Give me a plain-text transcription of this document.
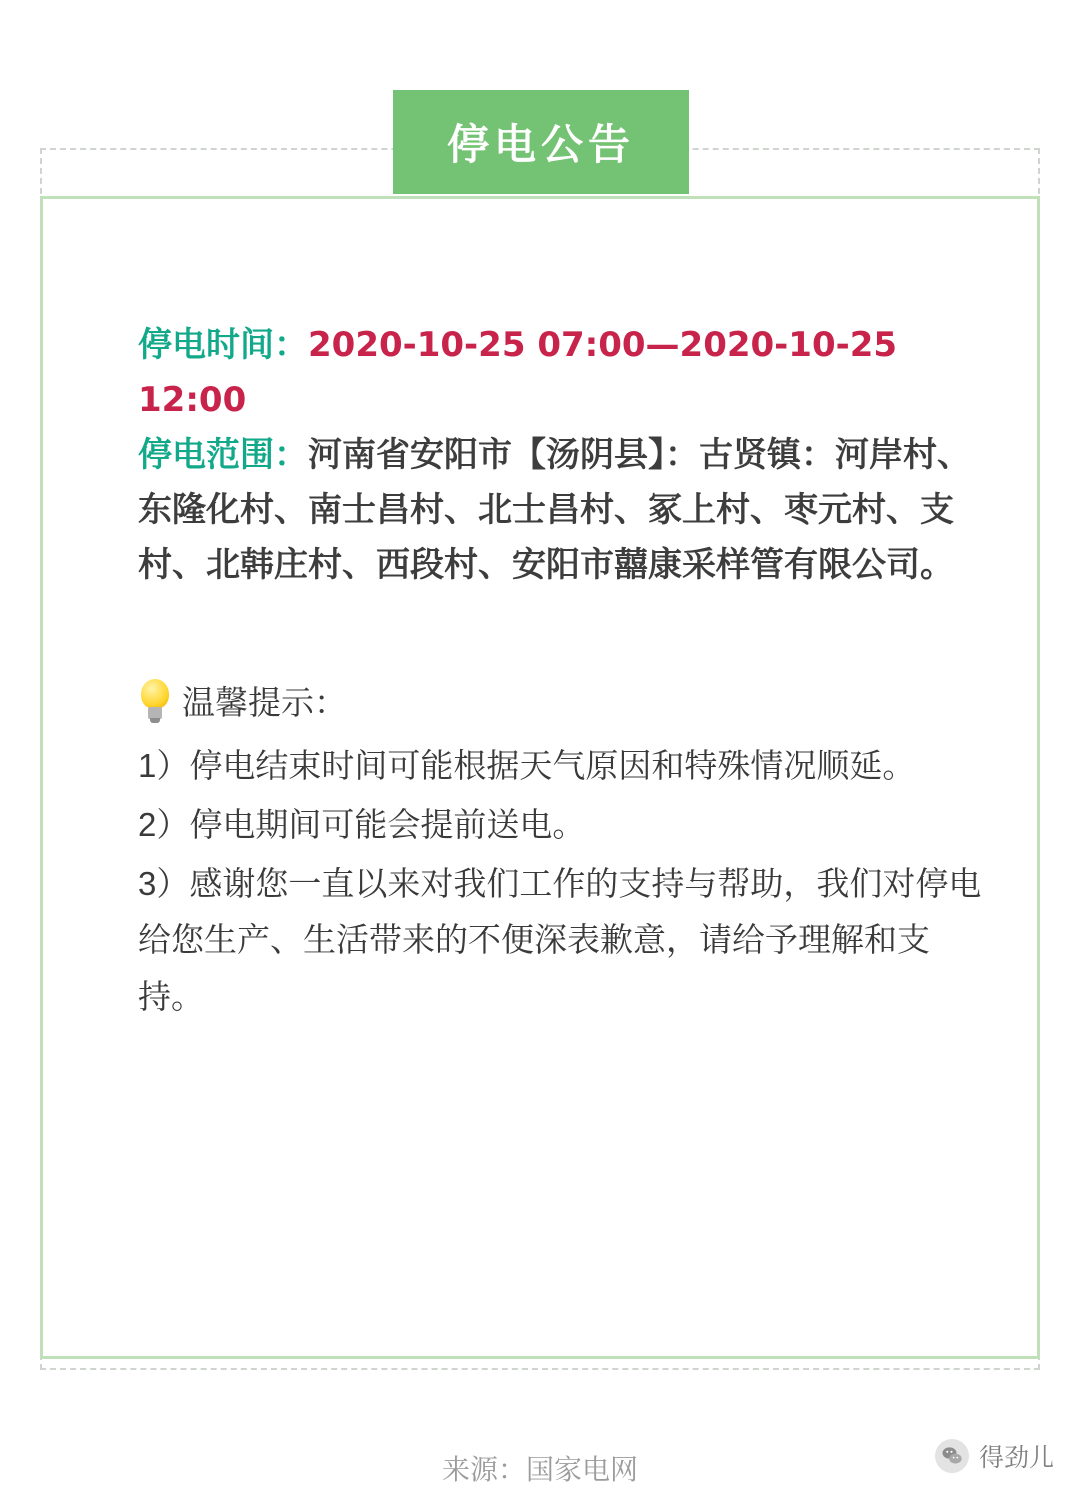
停电公告
停电时间：2020-10-25 07:00—2020-10-25 12:00
停电范围：河南省安阳市【汤阴县】：古贤镇：河岸村、东隆化村、南士昌村、北士昌村、冢上村、枣元村、支村、北韩庄村、西段村、安阳市囍康采样管有限公司。
温馨提示：
1）停电结束时间可能根据天气原因和特殊情况顺延。
2）停电期间可能会提前送电。
3）感谢您一直以来对我们工作的支持与帮助，我们对停电给您生产、生活带来的不便深表歉意，请给予理解和支持。
来源：国家电网	得劲儿
